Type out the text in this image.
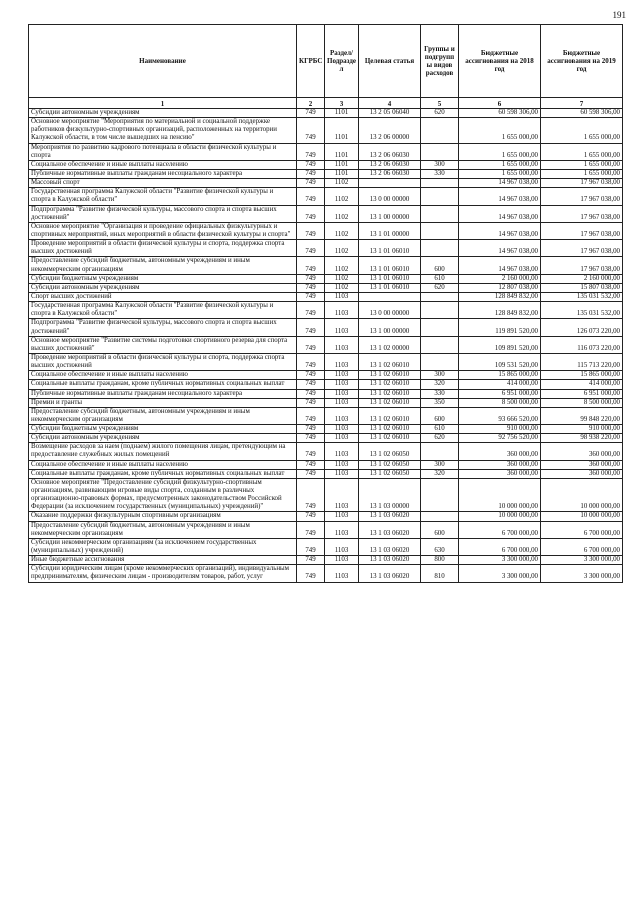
191
Наименование	КГРБС	Раздел/ Подразде л	Целевая статья	Группы и подгрупп ы видов расходов	Бюджетные ассигнования на 2018 год	Бюджетные ассигнования на 2019 год
1	2	3	4	5	6	7
Субсидии автономным учреждениям	749	1101	13 2 05 06040	620	60 598 306,00	60 598 306,00
Основное мероприятие "Мероприятия по материальной и социальной поддержке работников физкультурно-спортивных организаций, расположенных на территории Калужской области, в том числе вышедших на пенсию"	749	1101	13 2 06 00000		1 655 000,00	1 655 000,00
Мероприятия по развитию кадрового потенциала в области физической культуры и спорта	749	1101	13 2 06 06030		1 655 000,00	1 655 000,00
Социальное обеспечение и иные выплаты населению	749	1101	13 2 06 06030	300	1 655 000,00	1 655 000,00
Публичные нормативные выплаты гражданам несоциального характера	749	1101	13 2 06 06030	330	1 655 000,00	1 655 000,00
Массовый спорт	749	1102			14 967 038,00	17 967 038,00
Государственная программа Калужской области "Развитие физической культуры и спорта в Калужской области"	749	1102	13 0 00 00000		14 967 038,00	17 967 038,00
Подпрограмма "Развитие физической культуры, массового спорта и спорта высших достижений"	749	1102	13 1 00 00000		14 967 038,00	17 967 038,00
Основное мероприятие "Организация и проведение официальных физкультурных и спортивных мероприятий, иных мероприятий в области физической культуры и спорта"	749	1102	13 1 01 00000		14 967 038,00	17 967 038,00
Проведение мероприятий в области физической культуры и спорта, поддержка спорта высших достижений	749	1102	13 1 01 06010		14 967 038,00	17 967 038,00
Предоставление субсидий бюджетным, автономным учреждениям и иным некоммерческим организациям	749	1102	13 1 01 06010	600	14 967 038,00	17 967 038,00
Субсидии бюджетным учреждениям	749	1102	13 1 01 06010	610	2 160 000,00	2 160 000,00
Субсидии автономным учреждениям	749	1102	13 1 01 06010	620	12 807 038,00	15 807 038,00
Спорт высших достижений	749	1103			128 849 832,00	135 031 532,00
Государственная программа Калужской области "Развитие физической культуры и спорта в Калужской области"	749	1103	13 0 00 00000		128 849 832,00	135 031 532,00
Подпрограмма "Развитие физической культуры, массового спорта и спорта высших достижений"	749	1103	13 1 00 00000		119 891 520,00	126 073 220,00
Основное мероприятие "Развитие системы подготовки спортивного резерва для спорта высших достижений"	749	1103	13 1 02 00000		109 891 520,00	116 073 220,00
Проведение мероприятий в области физической культуры и спорта, поддержка спорта высших достижений	749	1103	13 1 02 06010		109 531 520,00	115 713 220,00
Социальное обеспечение и иные выплаты населению	749	1103	13 1 02 06010	300	15 865 000,00	15 865 000,00
Социальные выплаты гражданам, кроме публичных нормативных социальных выплат	749	1103	13 1 02 06010	320	414 000,00	414 000,00
Публичные нормативные выплаты гражданам несоциального характера	749	1103	13 1 02 06010	330	6 951 000,00	6 951 000,00
Премии и гранты	749	1103	13 1 02 06010	350	8 500 000,00	8 500 000,00
Предоставление субсидий бюджетным, автономным учреждениям и иным некоммерческим организациям	749	1103	13 1 02 06010	600	93 666 520,00	99 848 220,00
Субсидии бюджетным учреждениям	749	1103	13 1 02 06010	610	910 000,00	910 000,00
Субсидии автономным учреждениям	749	1103	13 1 02 06010	620	92 756 520,00	98 938 220,00
Возмещение расходов за наем (поднаем) жилого помещения лицам, претендующим на предоставление служебных жилых помещений	749	1103	13 1 02 06050		360 000,00	360 000,00
Социальное обеспечение и иные выплаты населению	749	1103	13 1 02 06050	300	360 000,00	360 000,00
Социальные выплаты гражданам, кроме публичных нормативных социальных выплат	749	1103	13 1 02 06050	320	360 000,00	360 000,00
Основное мероприятие "Предоставление субсидий физкультурно-спортивным организациям, развивающим игровые виды спорта, созданным в различных организационно-правовых формах, предусмотренных законодательством Российской Федерации (за исключением государственных (муниципальных) учреждений)"	749	1103	13 1 03 00000		10 000 000,00	10 000 000,00
Оказание поддержки физкультурным спортивным организациям	749	1103	13 1 03 06020		10 000 000,00	10 000 000,00
Предоставление субсидий бюджетным, автономным учреждениям и иным некоммерческим организациям	749	1103	13 1 03 06020	600	6 700 000,00	6 700 000,00
Субсидии некоммерческим организациям (за исключением государственных (муниципальных) учреждений)	749	1103	13 1 03 06020	630	6 700 000,00	6 700 000,00
Иные бюджетные ассигнования	749	1103	13 1 03 06020	800	3 300 000,00	3 300 000,00
Субсидии юридическим лицам (кроме некоммерческих организаций), индивидуальным предпринимателям, физическим лицам - производителям товаров, работ, услуг	749	1103	13 1 03 06020	810	3 300 000,00	3 300 000,00
